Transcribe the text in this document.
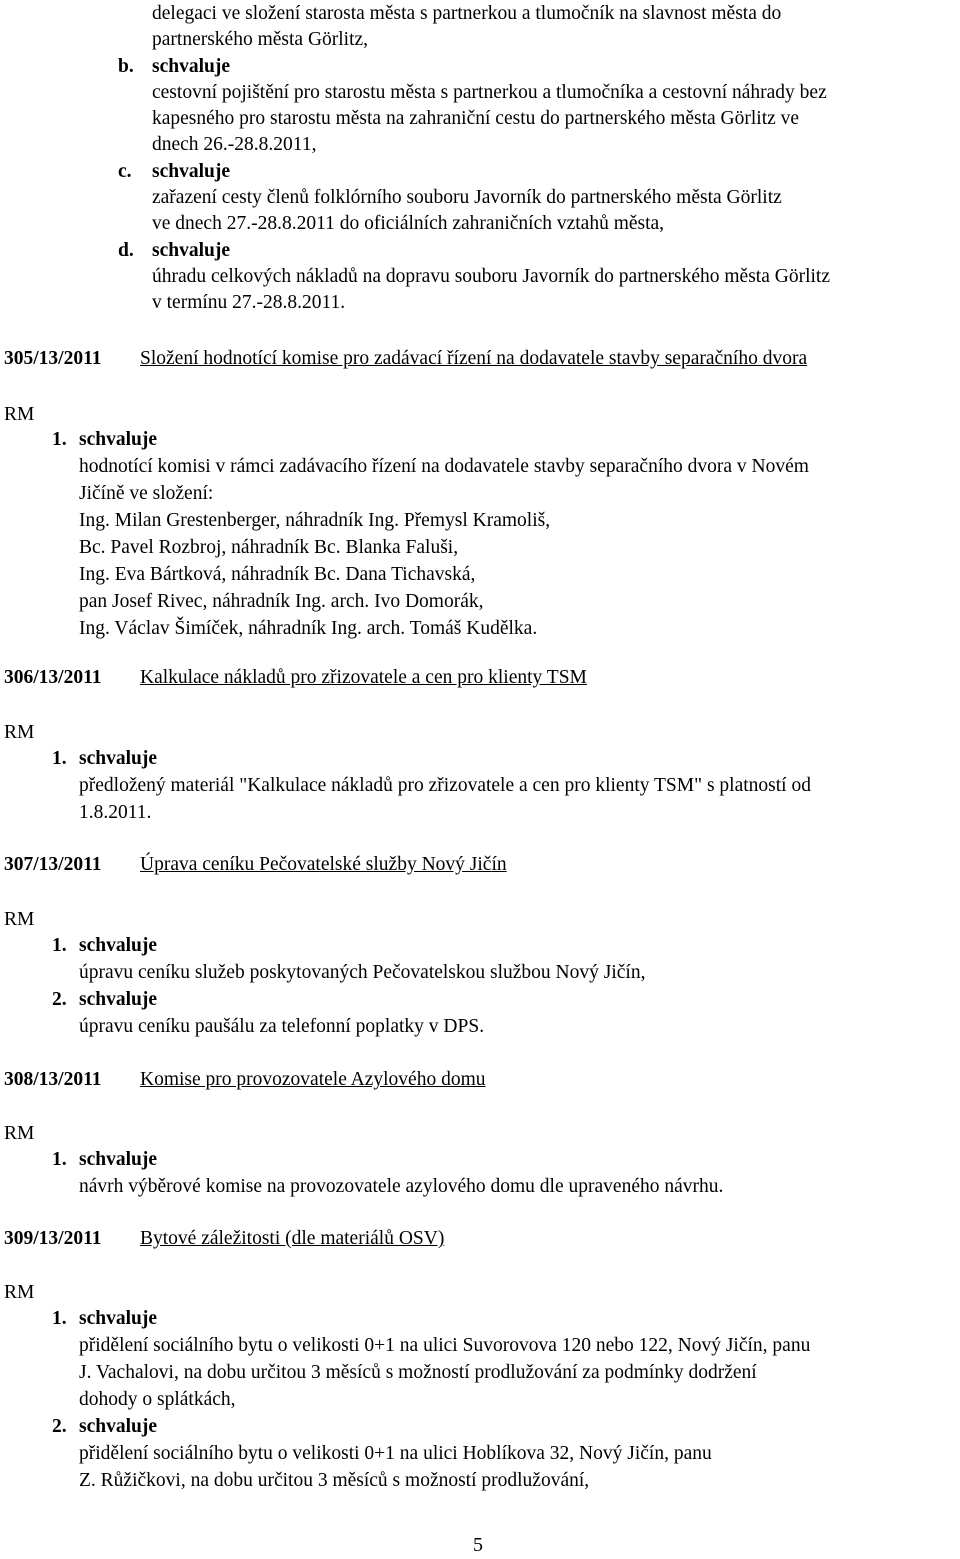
delegaci ve složení starosta města s partnerkou a tlumočník na slavnost města do
partnerského města Görlitz,
b. schvaluje
cestovní pojištění pro starostu města s partnerkou a tlumočníka a cestovní náhrady bez
kapesného pro starostu města na zahraniční cestu do partnerského města Görlitz ve
dnech 26.-28.8.2011,
c. schvaluje
zařazení cesty členů folklórního souboru Javorník do partnerského města Görlitz
ve dnech 27.-28.8.2011 do oficiálních zahraničních vztahů města,
d. schvaluje
úhradu celkových nákladů na dopravu souboru Javorník do partnerského města Görlitz
v termínu 27.-28.8.2011.
305/13/2011 Složení hodnotící komise pro zadávací řízení na dodavatele stavby separačního dvora
RM
1. schvaluje
hodnotící komisi v rámci zadávacího řízení na dodavatele stavby separačního dvora v Novém
Jičíně ve složení:
Ing. Milan Grestenberger, náhradník Ing. Přemysl Kramoliš,
Bc. Pavel Rozbroj, náhradník Bc. Blanka Faluši,
Ing. Eva Bártková, náhradník Bc. Dana Tichavská,
pan Josef Rivec, náhradník Ing. arch. Ivo Domorák,
Ing. Václav Šimíček, náhradník Ing. arch. Tomáš Kudělka.
306/13/2011 Kalkulace nákladů pro zřizovatele a cen pro klienty TSM
RM
1. schvaluje
předložený materiál "Kalkulace nákladů pro zřizovatele a cen pro klienty TSM" s platností od
1.8.2011.
307/13/2011 Úprava ceníku Pečovatelské služby Nový Jičín
RM
1. schvaluje
úpravu ceníku služeb poskytovaných Pečovatelskou službou Nový Jičín,
2. schvaluje
úpravu ceníku paušálu za telefonní poplatky v DPS.
308/13/2011 Komise pro provozovatele Azylového domu
RM
1. schvaluje
návrh výběrové komise na provozovatele azylového domu dle upraveného návrhu.
309/13/2011 Bytové záležitosti (dle materiálů OSV)
RM
1. schvaluje
přidělení sociálního bytu o velikosti 0+1 na ulici Suvorovova 120 nebo 122, Nový Jičín, panu
J. Vachalovi, na dobu určitou 3 měsíců s možností prodlužování za podmínky dodržení
dohody o splátkách,
2. schvaluje
přidělení sociálního bytu o velikosti 0+1 na ulici Hoblíkova 32, Nový Jičín, panu
Z. Růžičkovi, na dobu určitou 3 měsíců s možností prodlužování,
5
